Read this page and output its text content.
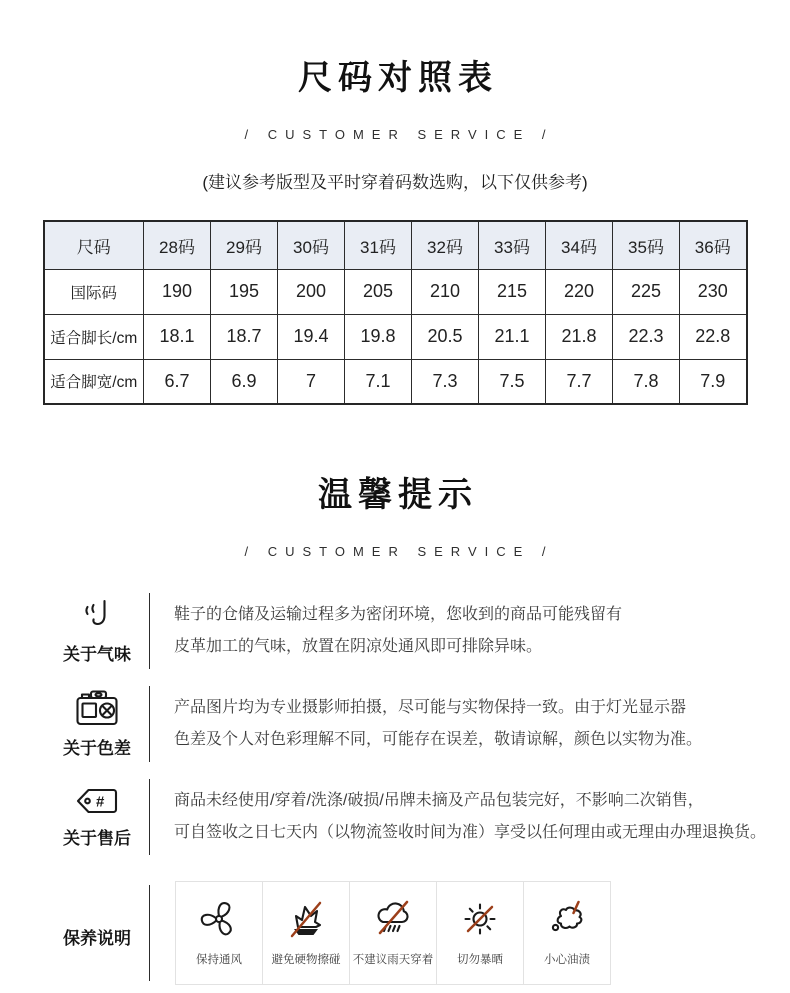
尺码对照表
/ CUSTOMER SERVICE /
(建议参考版型及平时穿着码数选购，以下仅供参考)
尺码	28码	29码	30码	31码	32码	33码	34码	35码	36码
国际码	190	195	200	205	210	215	220	225	230
适合脚长/cm	18.1	18.7	19.4	19.8	20.5	21.1	21.8	22.3	22.8
适合脚宽/cm	6.7	6.9	7	7.1	7.3	7.5	7.7	7.8	7.9
温馨提示
/ CUSTOMER SERVICE /
关于气味
鞋子的仓储及运输过程多为密闭环境，您收到的商品可能残留有
皮革加工的气味，放置在阴凉处通风即可排除异味。
关于色差
产品图片均为专业摄影师拍摄，尽可能与实物保持一致。由于灯光显示器
色差及个人对色彩理解不同，可能存在误差，敬请谅解，颜色以实物为准。
#
关于售后
商品未经使用/穿着/洗涤/破损/吊牌未摘及产品包装完好，不影响二次销售，
可自签收之日七天内（以物流签收时间为准）享受以任何理由或无理由办理退换货。
保养说明
保持通风	避免硬物擦碰 不建议雨天穿着 切勿暴晒	小心油渍
